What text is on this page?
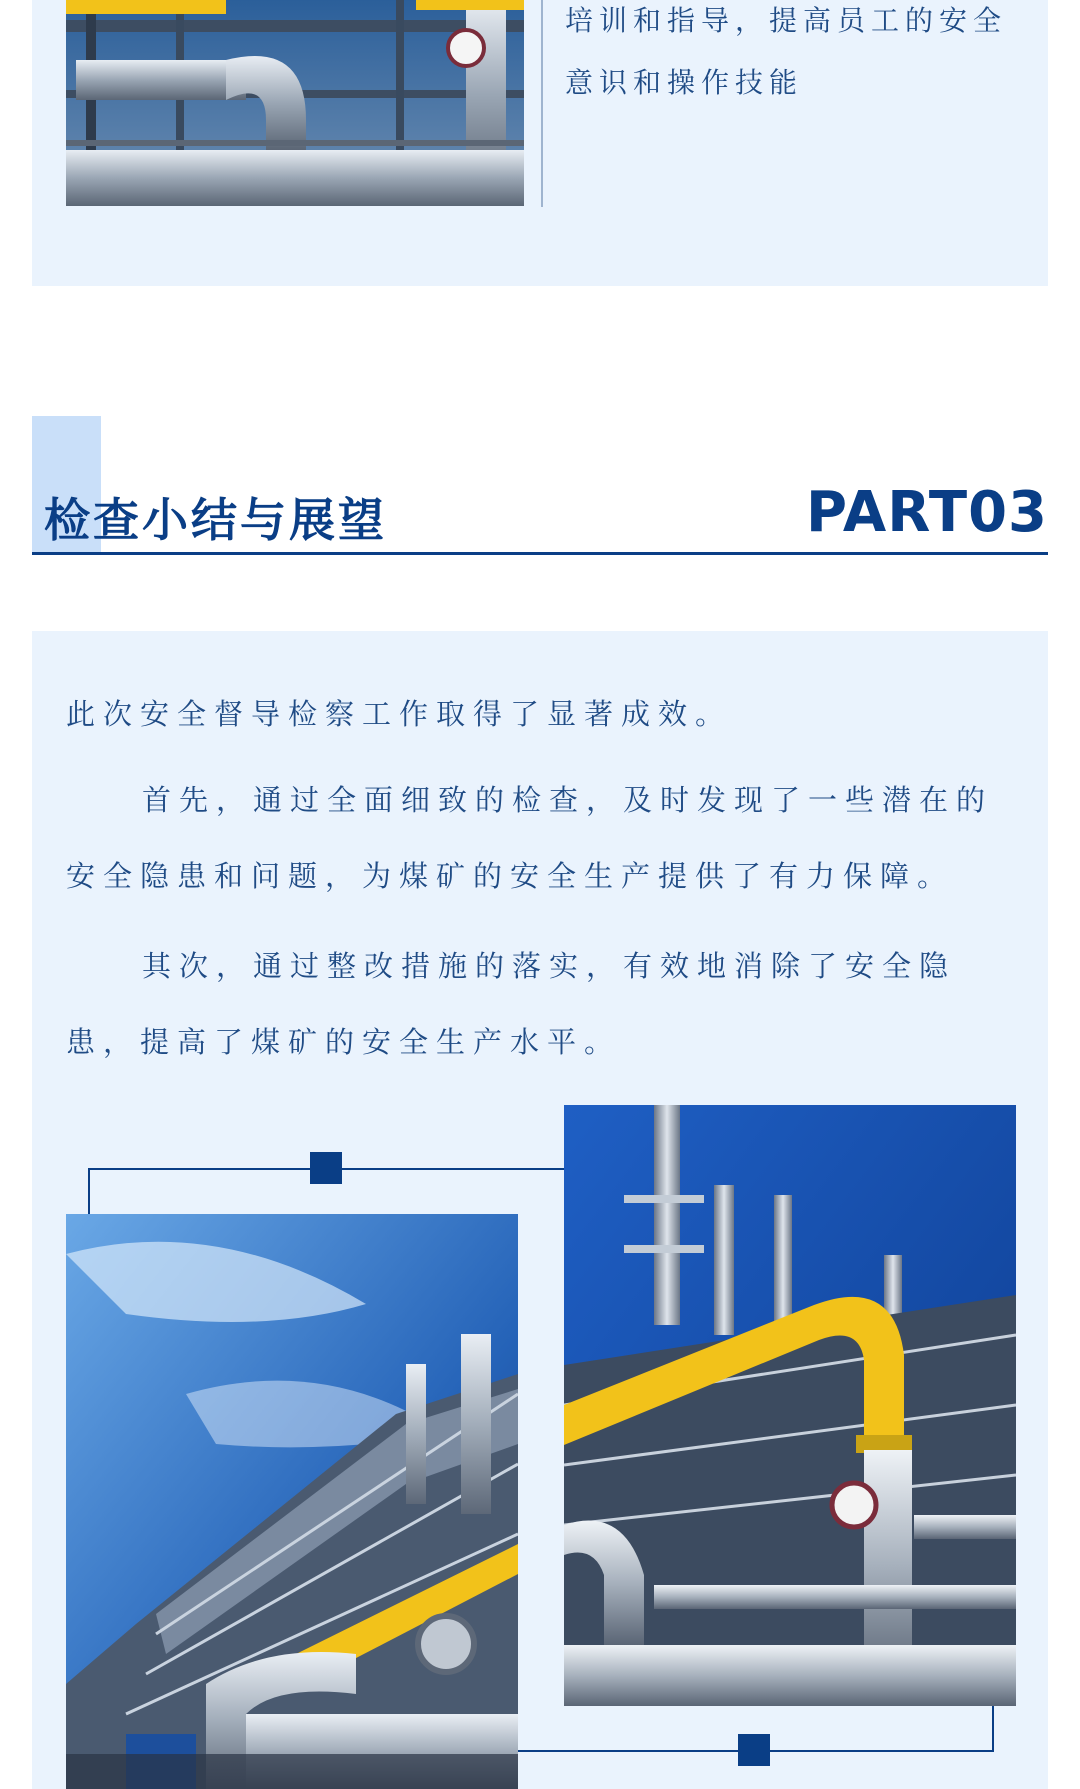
培训和指导，提高员工的安全意识和操作技能
检查小结与展望	PART03

此次安全督导检察工作取得了显著成效。

首先，通过全面细致的检查，及时发现了一些潜在的安全隐患和问题，为煤矿的安全生产提供了有力保障。

其次，通过整改措施的落实，有效地消除了安全隐患，提高了煤矿的安全生产水平。
